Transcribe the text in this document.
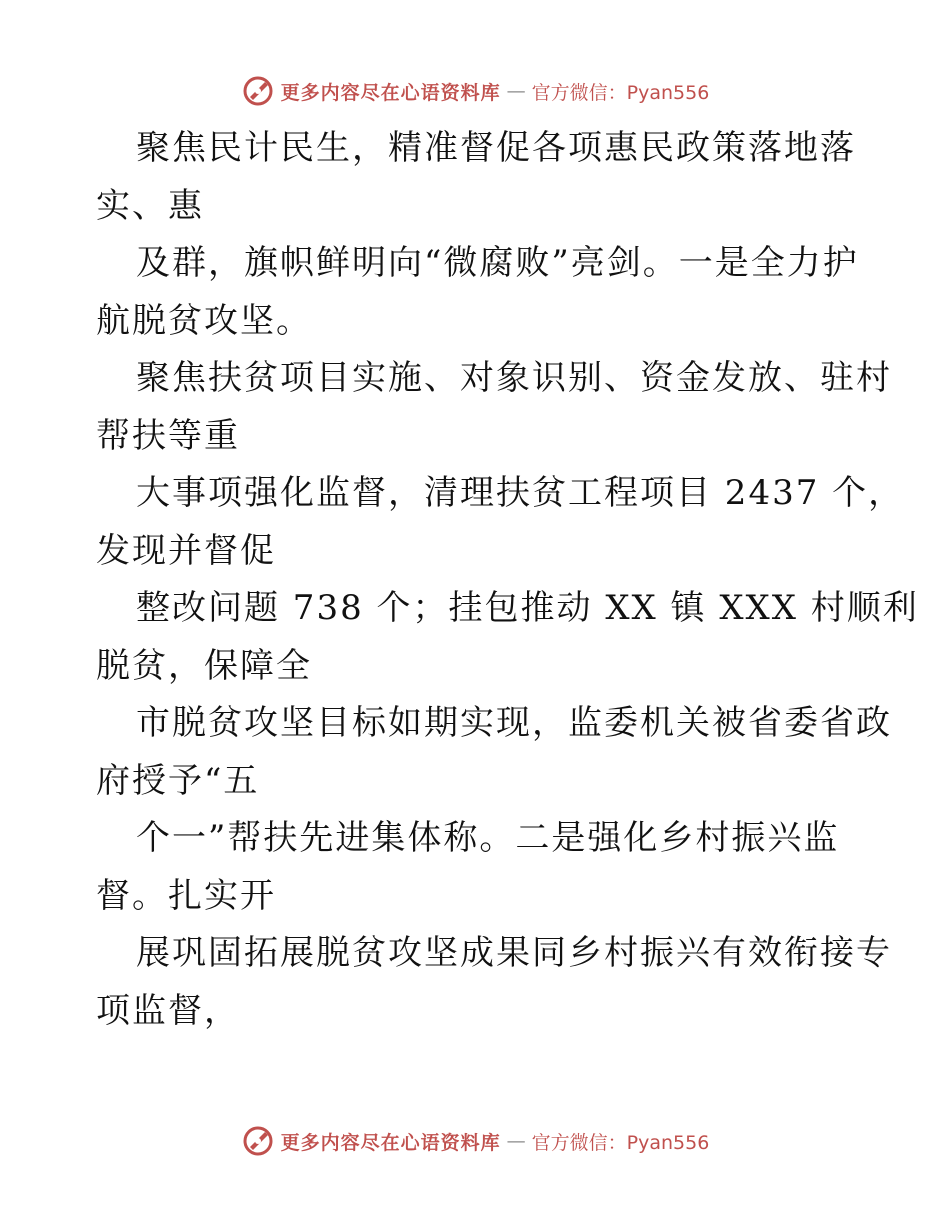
更多内容尽在心语资料库 — 官方微信：Pyan556
聚焦民计民生，精准督促各项惠民政策落地落
实、惠
及群，旗帜鲜明向“微腐败”亮剑。一是全力护
航脱贫攻坚。
聚焦扶贫项目实施、对象识别、资金发放、驻村
帮扶等重
大事项强化监督，清理扶贫工程项目 2437 个，
发现并督促
整改问题 738 个；挂包推动 XX 镇 XXX 村顺利
脱贫，保障全
市脱贫攻坚目标如期实现，监委机关被省委省政
府授予“五
个一”帮扶先进集体称。二是强化乡村振兴监
督。扎实开
展巩固拓展脱贫攻坚成果同乡村振兴有效衔接专
项监督，
更多内容尽在心语资料库 — 官方微信：Pyan556
